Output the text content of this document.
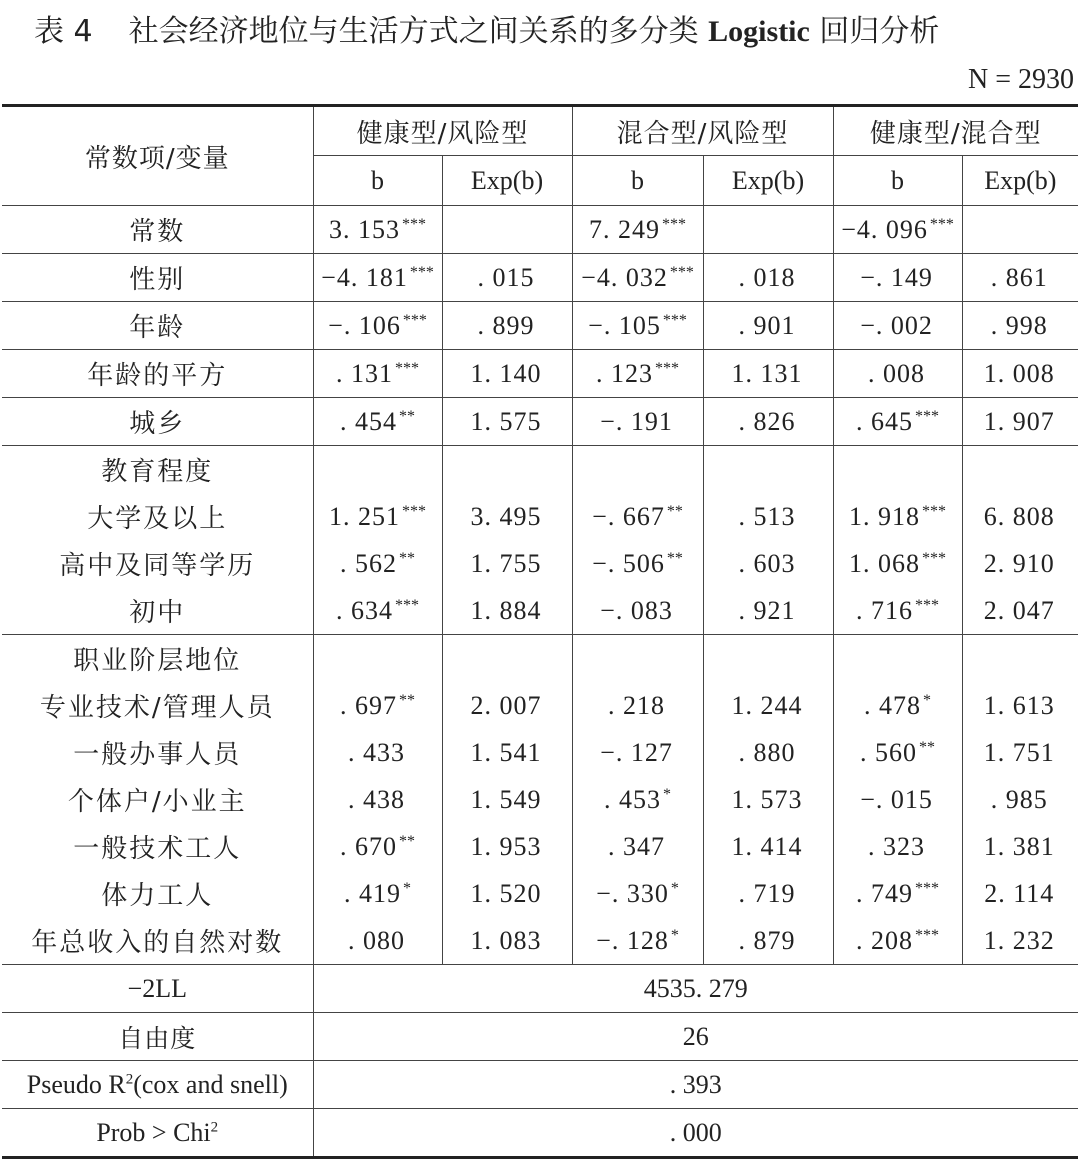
表 4 社会经济地位与生活方式之间关系的多分类 Logistic 回归分析
N = 2930
常数项/变量	健康型/风险型		混合型/风险型		健康型/混合型	
	b	Exp(b)	b	Exp(b)	b	Exp(b)
常数	3. 153 ***		7. 249 ***		−4. 096 ***	
性别	−4. 181 ***	. 015	−4. 032 ***	. 018	−. 149	. 861
年龄	−. 106 ***	. 899	−. 105 ***	. 901	−. 002	. 998
年龄的平方	. 131 ***	1. 140	. 123 ***	1. 131	. 008	1. 008
城乡	. 454 **	1. 575	−. 191	. 826	. 645 ***	1. 907
教育程度						
大学及以上	1. 251 ***	3. 495	−. 667 **	. 513	1. 918 ***	6. 808
高中及同等学历	. 562 **	1. 755	−. 506 **	. 603	1. 068 ***	2. 910
初中	. 634 ***	1. 884	−. 083	. 921	. 716 ***	2. 047
职业阶层地位						
专业技术/管理人员	. 697 **	2. 007	. 218	1. 244	. 478 *	1. 613
一般办事人员	. 433	1. 541	−. 127	. 880	. 560 **	1. 751
个体户/小业主	. 438	1. 549	. 453 *	1. 573	−. 015	. 985
一般技术工人	. 670 **	1. 953	. 347	1. 414	. 323	1. 381
体力工人	. 419 *	1. 520	−. 330 *	. 719	. 749 ***	2. 114
年总收入的自然对数	. 080	1. 083	−. 128 *	. 879	. 208 ***	1. 232
−2LL	4535. 279					
自由度	26					
Pseudo $R^2(cox$ and snell)	. 393					
Prob > Chi$^2$	. 000					
